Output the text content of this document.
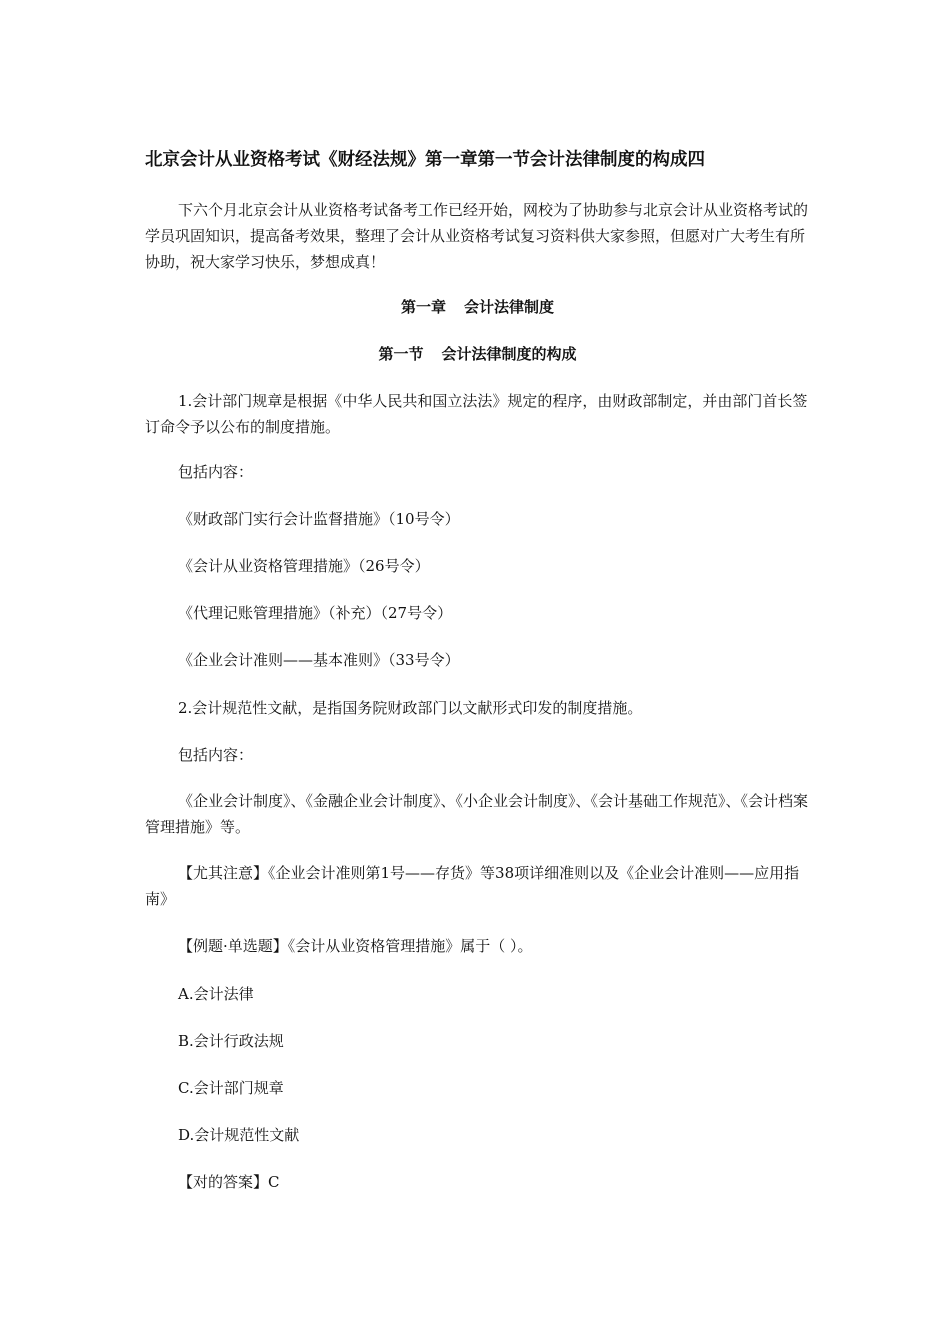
北京会计从业资格考试《财经法规》第一章第一节会计法律制度的构成四

下六个月北京会计从业资格考试备考工作已经开始，网校为了协助参与北京会计从业资格考试的学员巩固知识，提高备考效果，整理了会计从业资格考试复习资料供大家参照，但愿对广大考生有所协助，祝大家学习快乐，梦想成真！

第一章 会计法律制度

第一节 会计法律制度的构成

1.会计部门规章是根据《中华人民共和国立法法》规定的程序，由财政部制定，并由部门首长签订命令予以公布的制度措施。

包括内容：

《财政部门实行会计监督措施》（10号令）

《会计从业资格管理措施》（26号令）

《代理记账管理措施》（补充）（27号令）

《企业会计准则——基本准则》（33号令）

2.会计规范性文献，是指国务院财政部门以文献形式印发的制度措施。

包括内容：

《企业会计制度》、《金融企业会计制度》、《小企业会计制度》、《会计基础工作规范》、《会计档案管理措施》等。

【尤其注意】《企业会计准则第1号——存货》等38项详细准则以及《企业会计准则——应用指南》

【例题·单选题】《会计从业资格管理措施》属于（ ）。

A.会计法律

B.会计行政法规

C.会计部门规章

D.会计规范性文献

【对的答案】C
